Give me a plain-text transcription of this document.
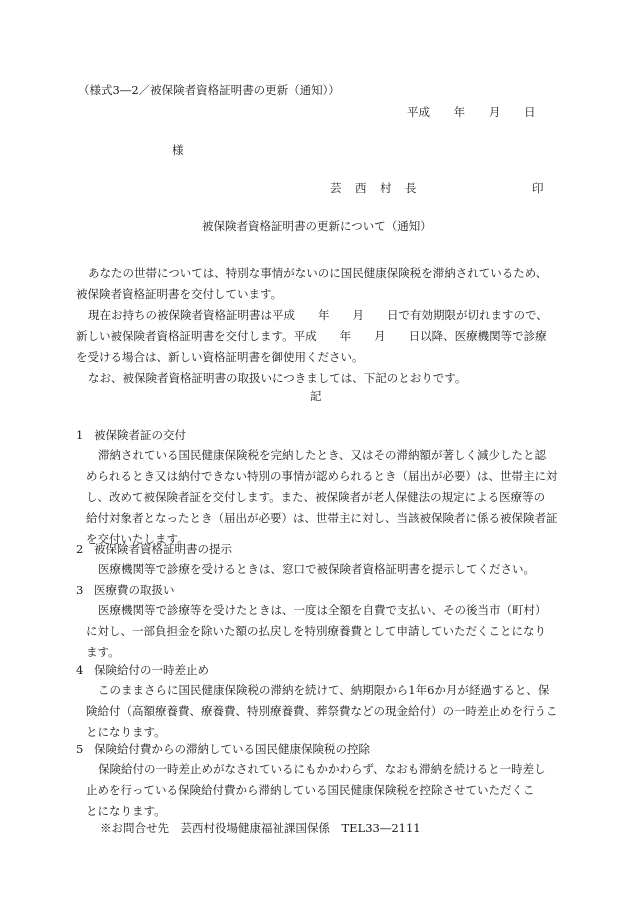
（様式3―2／被保険者資格証明書の更新（通知））
平成 年 月 日
様
芸　西　村　長	印
被保険者資格証明書の更新について（通知）
あなたの世帯については、特別な事情がないのに国民健康保険税を滞納されているため、
被保険者資格証明書を交付しています。
現在お持ちの被保険者資格証明書は平成　　年　　月　　日で有効期限が切れますので、
新しい被保険者資格証明書を交付します。平成　　年　　月　　日以降、医療機関等で診療
を受ける場合は、新しい資格証明書を御使用ください。
なお、被保険者資格証明書の取扱いにつきましては、下記のとおりです。
記
1 被保険者証の交付
滞納されている国民健康保険税を完納したとき、又はその滞納額が著しく減少したと認
められるとき又は納付できない特別の事情が認められるとき（届出が必要）は、世帯主に対
し、改めて被保険者証を交付します。また、被保険者が老人保健法の規定による医療等の
給付対象者となったとき（届出が必要）は、世帯主に対し、当該被保険者に係る被保険者証
を交付いたします。
2 被保険者資格証明書の提示
医療機関等で診療を受けるときは、窓口で被保険者資格証明書を提示してください。
3 医療費の取扱い
医療機関等で診療等を受けたときは、一度は全額を自費で支払い、その後当市（町村）
に対し、一部負担金を除いた額の払戻しを特別療養費として申請していただくことになり
ます。
4 保険給付の一時差止め
このままさらに国民健康保険税の滞納を続けて、納期限から1年6か月が経過すると、保
険給付（高額療養費、療養費、特別療養費、葬祭費などの現金給付）の一時差止めを行うこ
とになります。
5 保険給付費からの滞納している国民健康保険税の控除
保険給付の一時差止めがなされているにもかかわらず、なおも滞納を続けると一時差し
止めを行っている保険給付費から滞納している国民健康保険税を控除させていただくこ
とになります。
※お問合せ先　芸西村役場健康福祉課国保係　TEL33―2111
